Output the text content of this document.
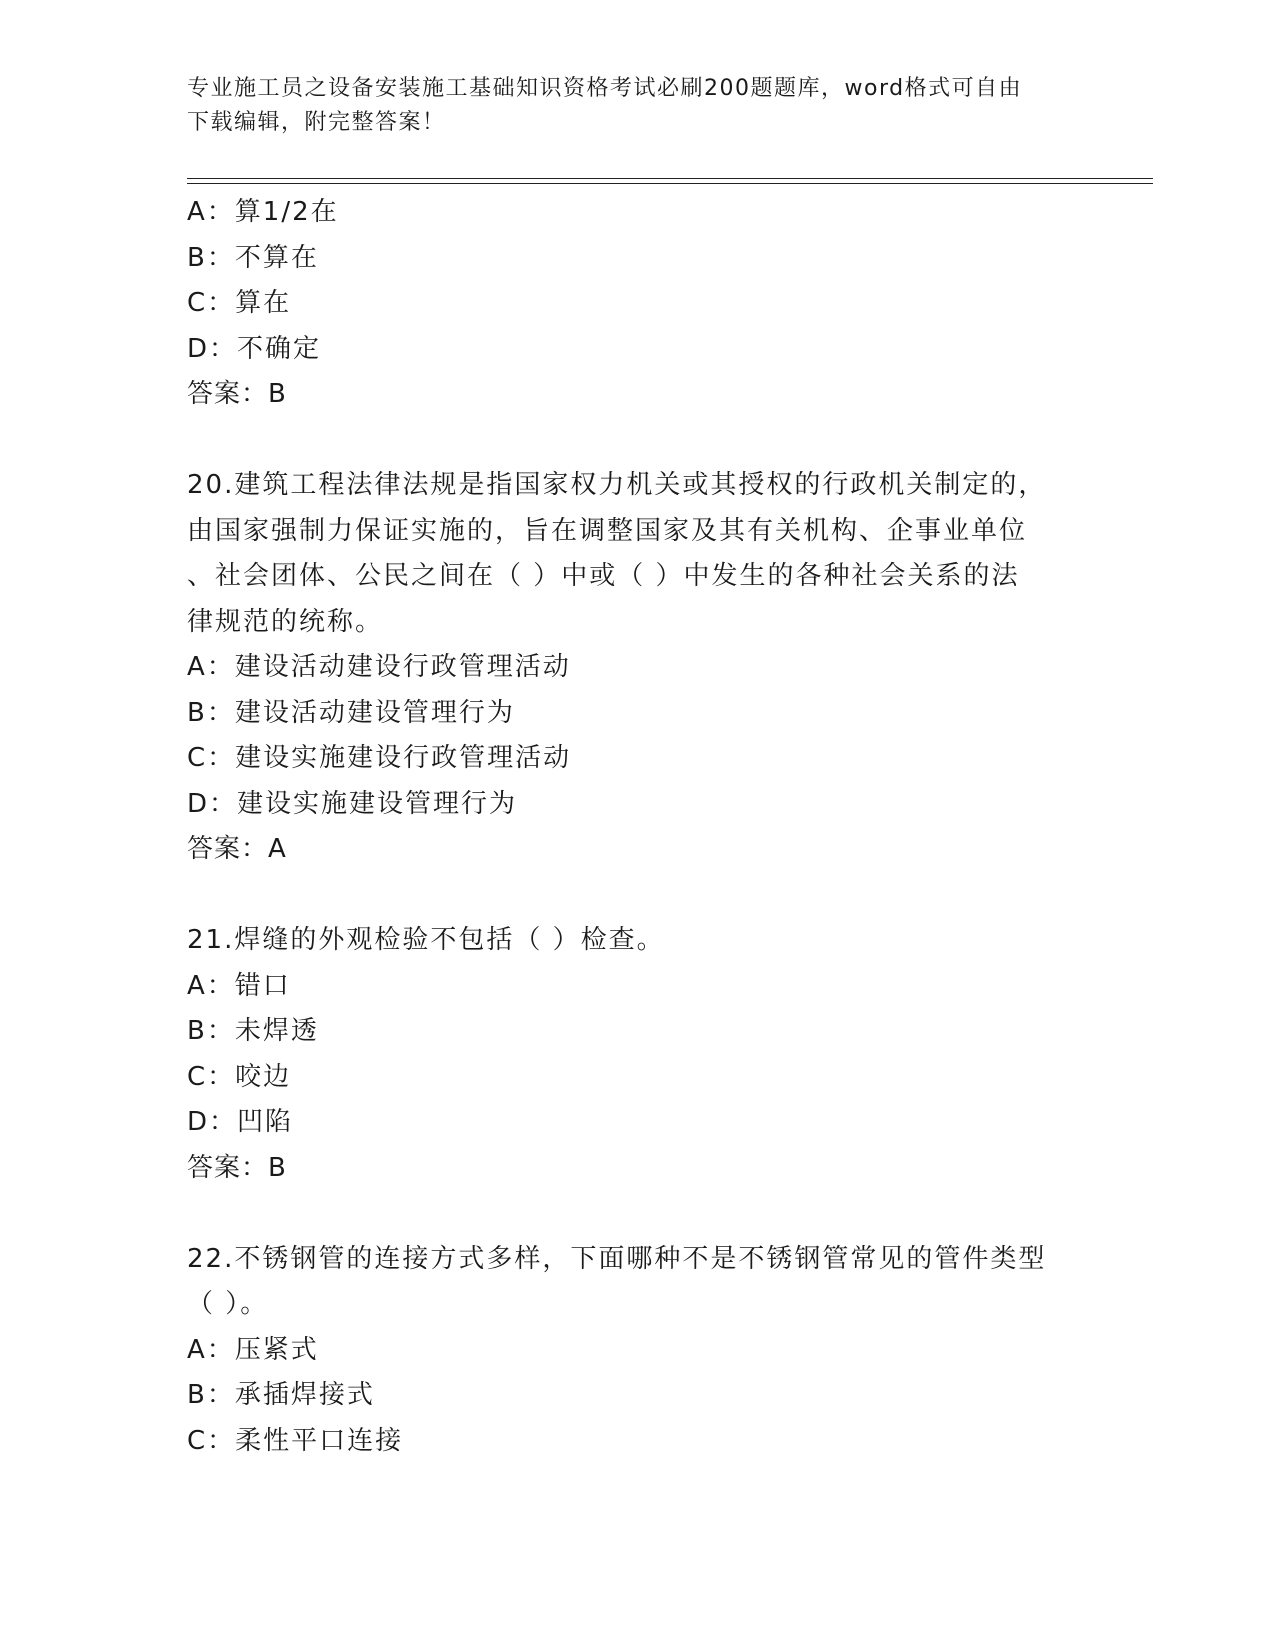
专业施工员之设备安装施工基础知识资格考试必刷200题题库，word格式可自由
下载编辑，附完整答案！
A：算1/2在
B：不算在
C：算在
D：不确定
答案：B
20.建筑工程法律法规是指国家权力机关或其授权的行政机关制定的，
由国家强制力保证实施的，旨在调整国家及其有关机构、企事业单位
、社会团体、公民之间在（ ）中或（ ）中发生的各种社会关系的法
律规范的统称。
A：建设活动建设行政管理活动
B：建设活动建设管理行为
C：建设实施建设行政管理活动
D：建设实施建设管理行为
答案：A
21.焊缝的外观检验不包括（ ）检查。
A：错口
B：未焊透
C：咬边
D：凹陷
答案：B
22.不锈钢管的连接方式多样，下面哪种不是不锈钢管常见的管件类型
（ ）。
A：压紧式
B：承插焊接式
C：柔性平口连接
